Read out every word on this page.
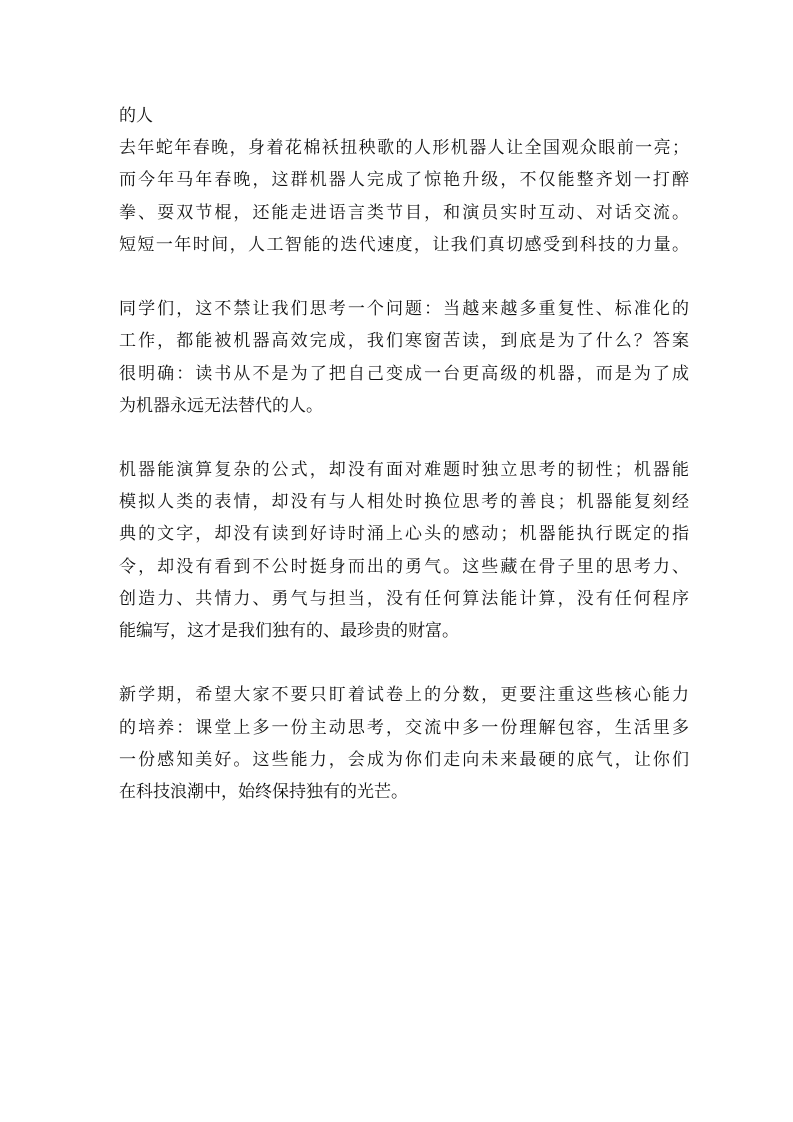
的人
去年蛇年春晚，身着花棉袄扭秧歌的人形机器人让全国观众眼前一亮；
而今年马年春晚，这群机器人完成了惊艳升级，不仅能整齐划一打醉
拳、耍双节棍，还能走进语言类节目，和演员实时互动、对话交流。
短短一年时间，人工智能的迭代速度，让我们真切感受到科技的力量。
同学们，这不禁让我们思考一个问题：当越来越多重复性、标准化的
工作，都能被机器高效完成，我们寒窗苦读，到底是为了什么？答案
很明确：读书从不是为了把自己变成一台更高级的机器，而是为了成
为机器永远无法替代的人。
机器能演算复杂的公式，却没有面对难题时独立思考的韧性；机器能
模拟人类的表情，却没有与人相处时换位思考的善良；机器能复刻经
典的文字，却没有读到好诗时涌上心头的感动；机器能执行既定的指
令，却没有看到不公时挺身而出的勇气。这些藏在骨子里的思考力、
创造力、共情力、勇气与担当，没有任何算法能计算，没有任何程序
能编写，这才是我们独有的、最珍贵的财富。
新学期，希望大家不要只盯着试卷上的分数，更要注重这些核心能力
的培养：课堂上多一份主动思考，交流中多一份理解包容，生活里多
一份感知美好。这些能力，会成为你们走向未来最硬的底气，让你们
在科技浪潮中，始终保持独有的光芒。
